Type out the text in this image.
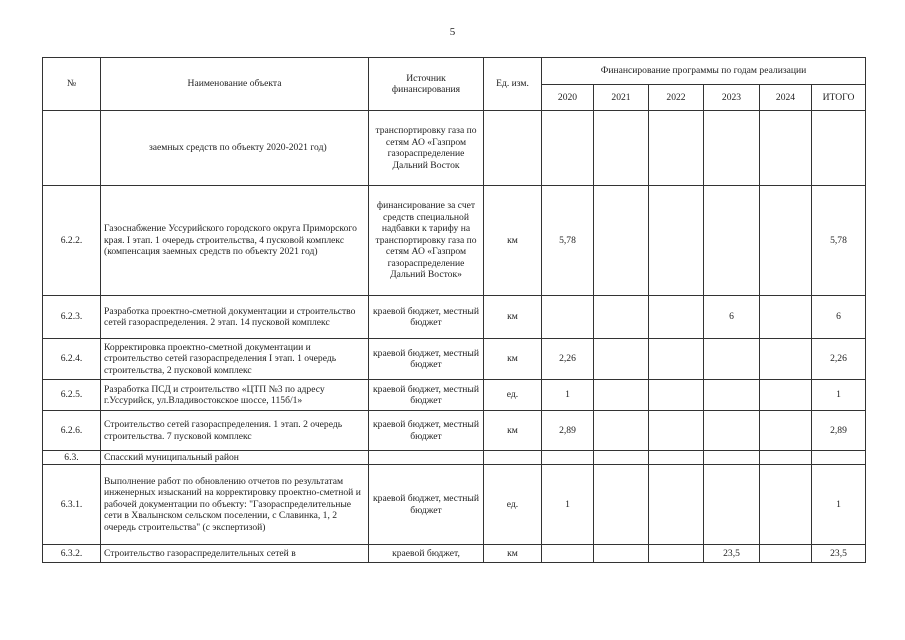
5
№	Наименование объекта	Источник финансирования	Ед. изм.	Финансирование программы по годам реализации					
				2020	2021	2022	2023	2024	ИТОГО
	заемных средств по объекту 2020-2021 год)	транспортировку газа по сетям АО «Газпром газораспределение Дальний Восток							
6.2.2.	Газоснабжение Уссурийского городского округа Приморского края. I этап. 1 очередь строительства, 4 пусковой комплекс (компенсация заемных средств по объекту 2021 год)	финансирование за счет средств специальной надбавки к тарифу на транспортировку газа по сетям АО «Газпром газораспределение Дальний Восток»	км	5,78					5,78
6.2.3.	Разработка проектно-сметной документации и строительство сетей газораспределения. 2 этап. 14 пусковой комплекс	краевой бюджет, местный бюджет	км				6		6
6.2.4.	Корректировка проектно-сметной документации и строительство сетей газораспределения I этап. 1 очередь строительства, 2 пусковой комплекс	краевой бюджет, местный бюджет	км	2,26					2,26
6.2.5.	Разработка ПСД и строительство «ЦТП №3 по адресу г.Уссурийск, ул.Владивостокское шоссе, 115б/1»	краевой бюджет, местный бюджет	ед.	1					1
6.2.6.	Строительство сетей газораспределения. 1 этап. 2 очередь строительства. 7 пусковой комплекс	краевой бюджет, местный бюджет	км	2,89					2,89
6.3.	Спасский муниципальный район								
6.3.1.	Выполнение работ по обновлению отчетов по результатам инженерных изысканий на корректировку проектно-сметной и рабочей документации по объекту: "Газораспределительные сети в Хвалынском сельском поселении, с Славинка, 1, 2 очередь строительства" (с экспертизой)	краевой бюджет, местный бюджет	ед.	1					1
6.3.2.	Строительство газораспределительных сетей в	краевой бюджет,	км				23,5		23,5
